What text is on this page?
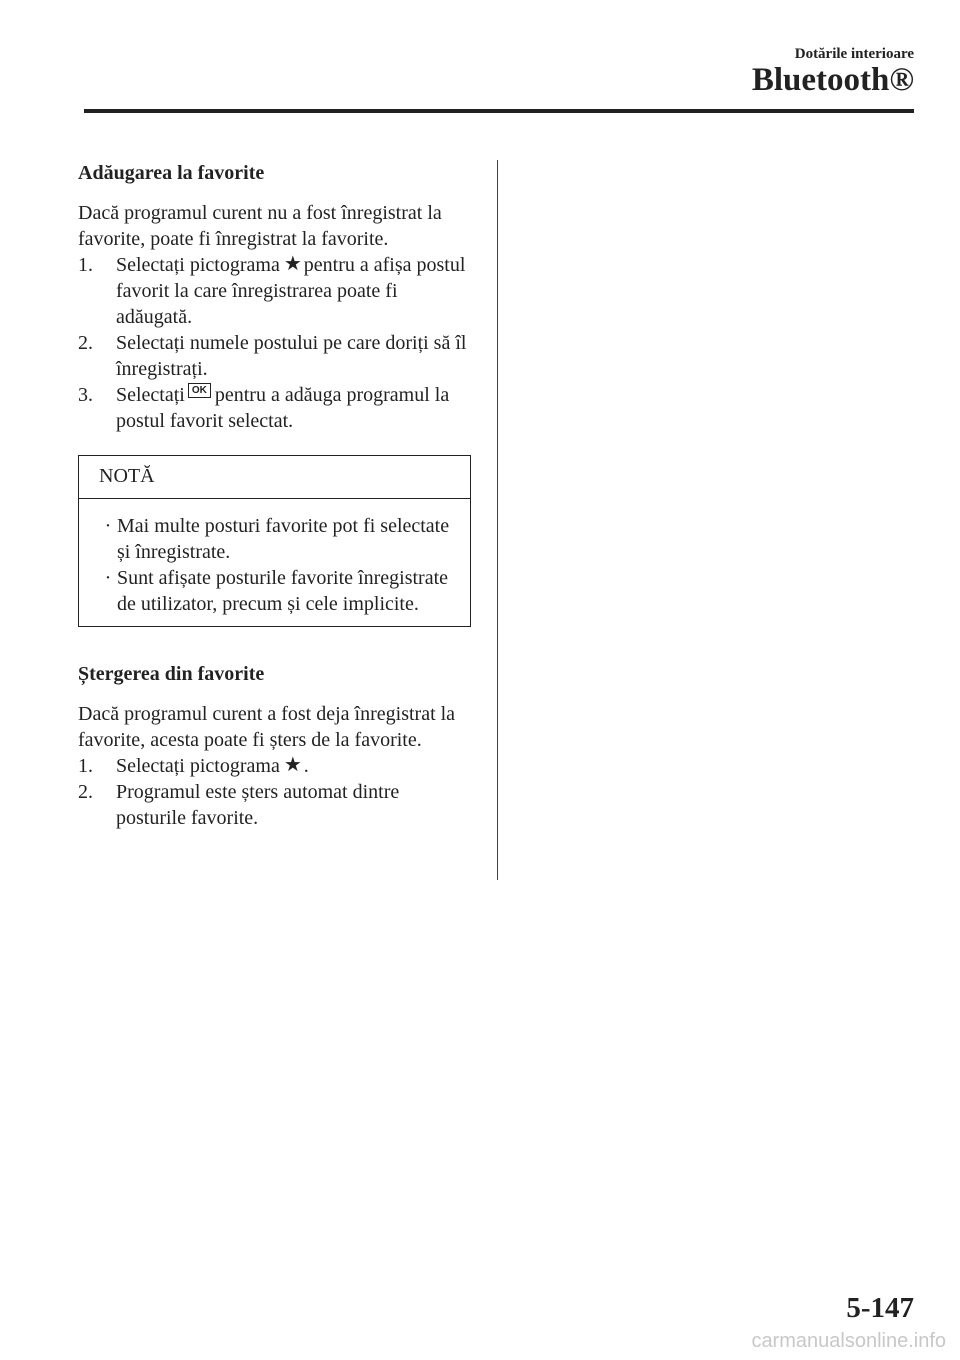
Dotările interioare
Bluetooth®
Adăugarea la favorite

Dacă programul curent nu a fost înregistrat la favorite, poate fi înregistrat la favorite.

1.	Selectați pictograma ★ pentru a afișa postul favorit la care înregistrarea poate fi adăugată.
2.	Selectați numele postului pe care doriți să îl înregistrați.
3.	Selectați OK pentru a adăuga programul la postul favorit selectat.
NOTĂ
· Mai multe posturi favorite pot fi selectate și înregistrate.
· Sunt afișate posturile favorite înregistrate de utilizator, precum și cele implicite.
Ștergerea din favorite

Dacă programul curent a fost deja înregistrat la favorite, acesta poate fi șters de la favorite.

1.	Selectați pictograma ★ .
2.	Programul este șters automat dintre posturile favorite.
5-147
carmanualsonline.info
